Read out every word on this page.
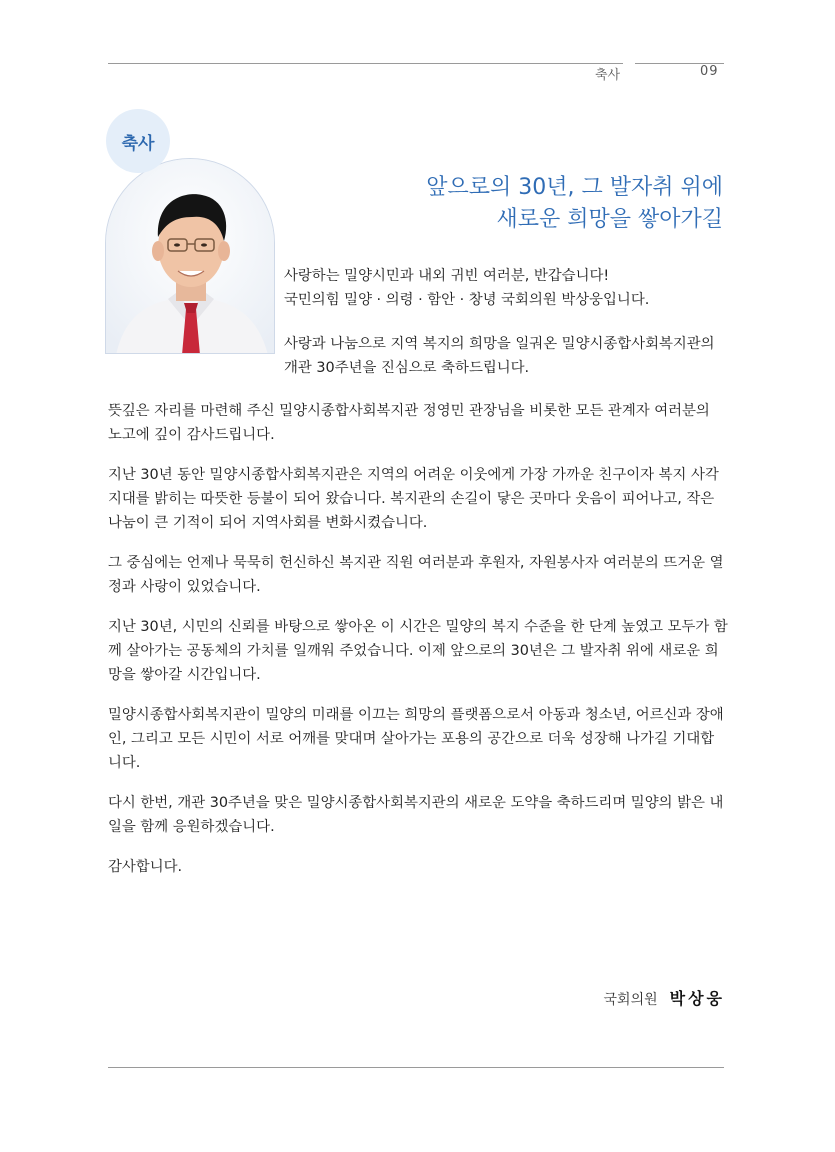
축사	09
축사
앞으로의 30년, 그 발자취 위에
새로운 희망을 쌓아가길
사랑하는 밀양시민과 내외 귀빈 여러분, 반갑습니다!
국민의힘 밀양 · 의령 · 함안 · 창녕 국회의원 박상웅입니다.
사랑과 나눔으로 지역 복지의 희망을 일궈온 밀양시종합사회복지관의
개관 30주년을 진심으로 축하드립니다.

뜻깊은 자리를 마련해 주신 밀양시종합사회복지관 정영민 관장님을 비롯한 모든 관계자 여러분의 노고에 깊이 감사드립니다.

지난 30년 동안 밀양시종합사회복지관은 지역의 어려운 이웃에게 가장 가까운 친구이자 복지 사각지대를 밝히는 따뜻한 등불이 되어 왔습니다. 복지관의 손길이 닿은 곳마다 웃음이 피어나고, 작은 나눔이 큰 기적이 되어 지역사회를 변화시켰습니다.

그 중심에는 언제나 묵묵히 헌신하신 복지관 직원 여러분과 후원자, 자원봉사자 여러분의 뜨거운 열정과 사랑이 있었습니다.

지난 30년, 시민의 신뢰를 바탕으로 쌓아온 이 시간은 밀양의 복지 수준을 한 단계 높였고 모두가 함께 살아가는 공동체의 가치를 일깨워 주었습니다. 이제 앞으로의 30년은 그 발자취 위에 새로운 희망을 쌓아갈 시간입니다.

밀양시종합사회복지관이 밀양의 미래를 이끄는 희망의 플랫폼으로서 아동과 청소년, 어르신과 장애인, 그리고 모든 시민이 서로 어깨를 맞대며 살아가는 포용의 공간으로 더욱 성장해 나가길 기대합니다.

다시 한번, 개관 30주년을 맞은 밀양시종합사회복지관의 새로운 도약을 축하드리며 밀양의 밝은 내일을 함께 응원하겠습니다.

감사합니다.

국회의원 박상웅
